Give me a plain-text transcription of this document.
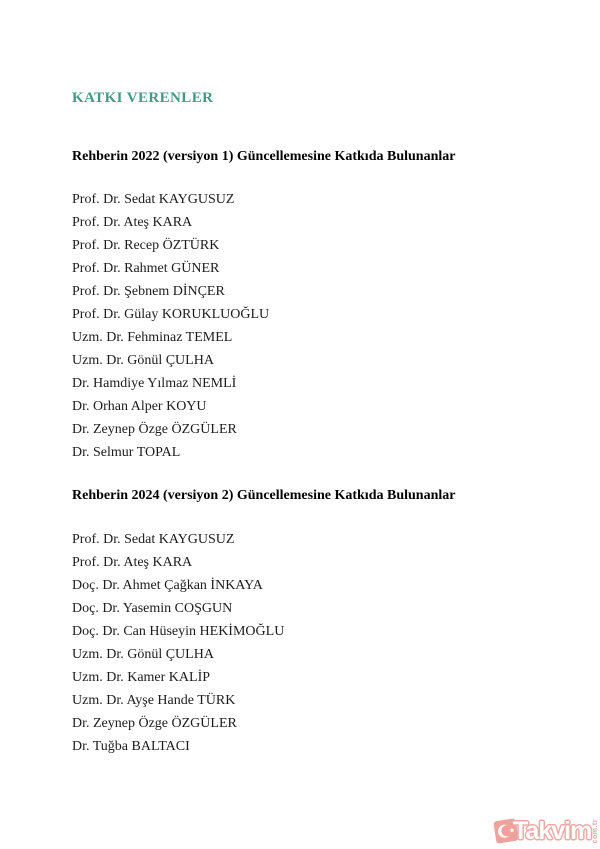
KATKI VERENLER
Rehberin 2022 (versiyon 1) Güncellemesine Katkıda Bulunanlar
Prof. Dr. Sedat KAYGUSUZ
Prof. Dr. Ateş KARA
Prof. Dr. Recep ÖZTÜRK
Prof. Dr. Rahmet GÜNER
Prof. Dr. Şebnem DİNÇER
Prof. Dr. Gülay KORUKLUOĞLU
Uzm. Dr. Fehminaz TEMEL
Uzm. Dr. Gönül ÇULHA
Dr. Hamdiye Yılmaz NEMLİ
Dr. Orhan Alper KOYU
Dr. Zeynep Özge ÖZGÜLER
Dr. Selmur TOPAL
Rehberin 2024 (versiyon 2) Güncellemesine Katkıda Bulunanlar
Prof. Dr. Sedat KAYGUSUZ
Prof. Dr. Ateş KARA
Doç. Dr. Ahmet Çağkan İNKAYA
Doç. Dr. Yasemin COŞGUN
Doç. Dr. Can Hüseyin HEKİMOĞLU
Uzm. Dr. Gönül ÇULHA
Uzm. Dr. Kamer KALİP
Uzm. Dr. Ayşe Hande TÜRK
Dr. Zeynep Özge ÖZGÜLER
Dr. Tuğba BALTACI
Takvim com.tr
